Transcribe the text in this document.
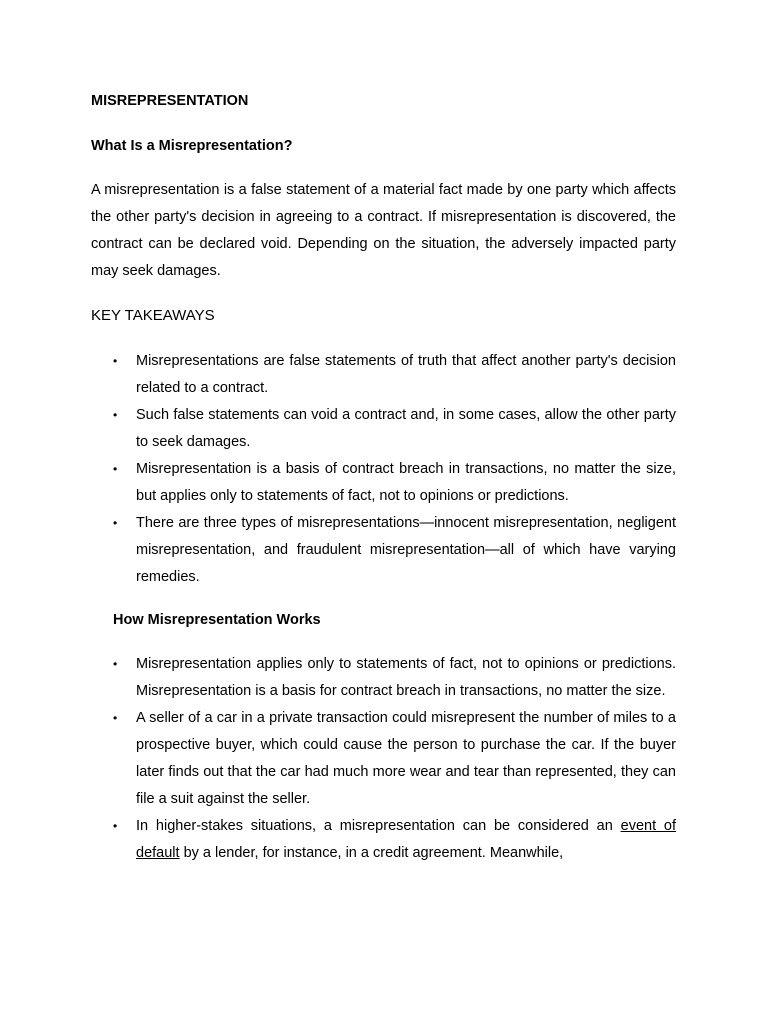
MISREPRESENTATION
What Is a Misrepresentation?

A misrepresentation is a false statement of a material fact made by one party which affects the other party's decision in agreeing to a contract. If misrepresentation is discovered, the contract can be declared void. Depending on the situation, the adversely impacted party may seek damages.

KEY TAKEAWAYS
• Misrepresentations are false statements of truth that affect another party's decision related to a contract.
• Such false statements can void a contract and, in some cases, allow the other party to seek damages.
• Misrepresentation is a basis of contract breach in transactions, no matter the size, but applies only to statements of fact, not to opinions or predictions.
• There are three types of misrepresentations—innocent misrepresentation, negligent misrepresentation, and fraudulent misrepresentation—all of which have varying remedies.
How Misrepresentation Works
• Misrepresentation applies only to statements of fact, not to opinions or predictions. Misrepresentation is a basis for contract breach in transactions, no matter the size.
• A seller of a car in a private transaction could misrepresent the number of miles to a prospective buyer, which could cause the person to purchase the car. If the buyer later finds out that the car had much more wear and tear than represented, they can file a suit against the seller.
• In higher-stakes situations, a misrepresentation can be considered an event of default by a lender, for instance, in a credit agreement. Meanwhile,
